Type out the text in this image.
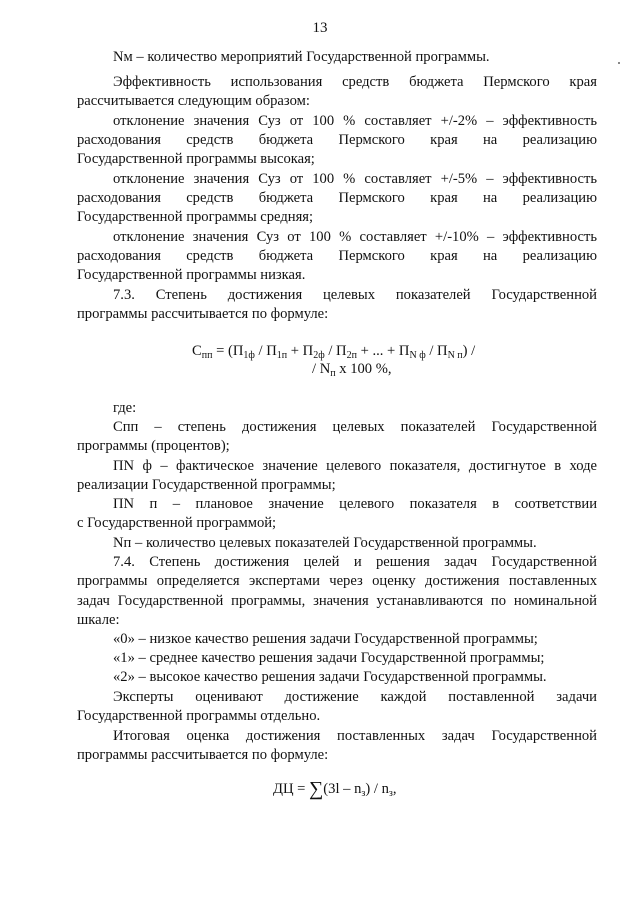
13
Nм – количество мероприятий Государственной программы.
Эффективность использования средств бюджета Пермского края
рассчитывается следующим образом:
отклонение значения Суз от 100 % составляет +/-2% – эффективность
расходования средств бюджета Пермского края на реализацию
Государственной программы высокая;
отклонение значения Суз от 100 % составляет +/-5% – эффективность
расходования средств бюджета Пермского края на реализацию
Государственной программы средняя;
отклонение значения Суз от 100 % составляет +/-10% – эффективность
расходования средств бюджета Пермского края на реализацию
Государственной программы низкая.
7.3. Степень достижения целевых показателей Государственной
программы рассчитывается по формуле:
$C_{пп} = (П_{1ф} / П_{1п} + П_{2ф} / П_{2п}$ + ... + $П_{N ф} / П_{N п}$) /
/ $N_п$ x 100 %,
где:
Спп – степень достижения целевых показателей Государственной
программы (процентов);
ПN ф – фактическое значение целевого показателя, достигнутое в ходе
реализации Государственной программы;
ПN п – плановое значение целевого показателя в соответствии
с Государственной программой;
Nп – количество целевых показателей Государственной программы.
7.4. Степень достижения целей и решения задач Государственной
программы определяется экспертами через оценку достижения поставленных
задач Государственной программы, значения устанавливаются по номинальной
шкале:
«0» – низкое качество решения задачи Государственной программы;
«1» – среднее качество решения задачи Государственной программы;
«2» – высокое качество решения задачи Государственной программы.
Эксперты оценивают достижение каждой поставленной задачи
Государственной программы отдельно.
Итоговая оценка достижения поставленных задач Государственной
программы рассчитывается по формуле:
ДЦ = $\sum(3l - n_з) / n_з$,
